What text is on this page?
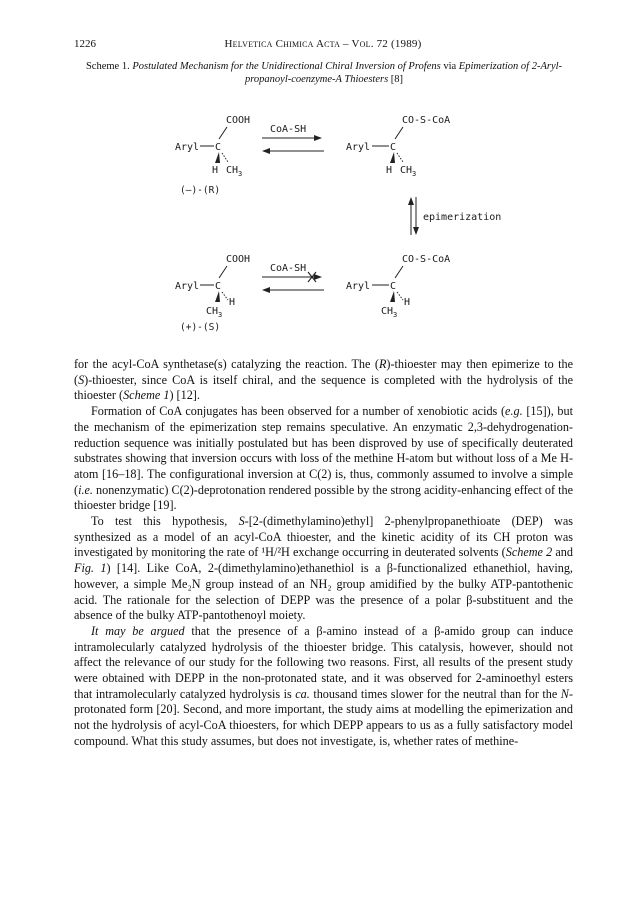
1226	Helvetica Chimica Acta – Vol. 72 (1989)
Scheme 1. Postulated Mechanism for the Unidirectional Chiral Inversion of Profens via Epimerization of 2-Aryl-propanoyl-coenzyme-A Thioesters [8]
COOH
Aryl C
H $CH_3$
(–)-(R)
CoA-SH
CO-S-CoA
Aryl C
H $CH_3$
epimerization
COOH
Aryl C
H
$CH_3$
(+)-(S)
CoA-SH
CO-S-CoA
Aryl C
H
$CH_3$

for the acyl-CoA synthetase(s) catalyzing the reaction. The (R)-thioester may then epimerize to the (S)-thioester, since CoA is itself chiral, and the sequence is completed with the hydrolysis of the thioester (Scheme 1) [12].

Formation of CoA conjugates has been observed for a number of xenobiotic acids (e.g. [15]), but the mechanism of the epimerization step remains speculative. An enzymatic 2,3-dehydrogenation-reduction sequence was initially postulated but has been disproved by use of specifically deuterated substrates showing that inversion occurs with loss of the methine H-atom but without loss of a Me H-atom [16–18]. The configurational inversion at C(2) is, thus, commonly assumed to involve a simple (i.e. nonenzymatic) C(2)-deprotonation rendered possible by the strong acidity-enhancing effect of the thioester bridge [19].

To test this hypothesis, S-[2-(dimethylamino)ethyl] 2-phenylpropanethioate (DEP) was synthesized as a model of an acyl-CoA thioester, and the kinetic acidity of its CH proton was investigated by monitoring the rate of ¹H/²H exchange occurring in deuterated solvents (Scheme 2 and Fig. 1) [14]. Like CoA, 2-(dimethylamino)ethanethiol is a β-functionalized ethanethiol, having, however, a simple Me₂N group instead of an NH₂ group amidified by the bulky ATP-pantothenic acid. The rationale for the selection of DEPP was the presence of a polar β-substituent and the absence of the bulky ATP-pantothenoyl moiety.

It may be argued that the presence of a β-amino instead of a β-amido group can induce intramolecularly catalyzed hydrolysis of the thioester bridge. This catalysis, however, should not affect the relevance of our study for the following two reasons. First, all results of the present study were obtained with DEPP in the non-protonated state, and it was observed for 2-aminoethyl esters that intramolecularly catalyzed hydrolysis is ca. thousand times slower for the neutral than for the N-protonated form [20]. Second, and more important, the study aims at modelling the epimerization and not the hydrolysis of acyl-CoA thioesters, for which DEPP appears to us as a fully satisfactory model compound. What this study assumes, but does not investigate, is, whether rates of methine-
